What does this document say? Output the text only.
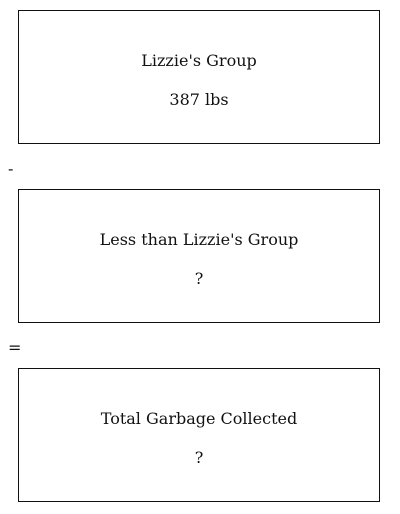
Lizzie's Group
387 lbs
-
Less than Lizzie's Group
?
=
Total Garbage Collected
?
